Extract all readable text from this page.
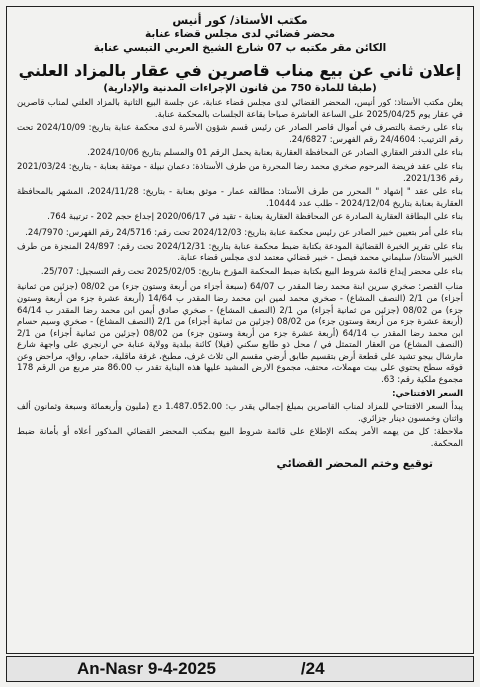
مكتب الأستاذ/ كور أنيس
محضر قضائي لدى مجلس قضاء عنابة
الكائن مقر مكتبه ب 07 شارع الشيخ العربي التبسي عنابة
إعلان ثاني عن بيع مناب قاصرين في عقار بالمزاد العلني
(طبقا للمادة 750 من قانون الإجراءات المدنية والإدارية)

يعلن مكتب الأستاذ: كور أنيس، المحضر القضائي لدى مجلس قضاء عنابة، عن جلسة البيع الثانية بالمزاد العلني لمناب قاصرين في عقار يوم 2025/04/25 على الساعة العاشرة صباحا بقاعة الجلسات بالمحكمة عنابة.

بناء على رخصة بالتصرف في أموال قاصر الصادر عن رئيس قسم شؤون الأسرة لدى محكمة عنابة بتاريخ: 2024/10/09 تحت رقم الترتيب: 24/4604 رقم الفهرس: 24/6827.

بناء على الدفتر العقاري الصادر عن المحافظة العقارية بعنابة يحمل الرقم 01 والمسلم بتاريخ 2024/10/06.

بناء على عقد فريضة المرحوم صخري محمد رضا المحررة من طرف الأستاذة: دعمان نبيلة - موثقة بعنابة - بتاريخ: 2021/03/24 رقم 2021/136.

بناء على عقد " إشهاد " المحرر من طرف الأستاذ: مطالقه عمار - موثق بعنابة - بتاريخ: 2024/11/28، المشهر بالمحافظة العقارية بعنابة بتاريخ 2024/12/04 - طلب عدد 10444.

بناء على البطاقة العقارية الصادرة عن المحافظة العقارية بعنابة - تقيد في 2020/06/17 إجداع حجم 202 - ترتيبة 764.

بناء على أمر بتعيين خبير الصادر عن رئيس محكمة عنابة بتاريخ: 2024/12/03 تحت رقم: 24/5716 رقم الفهرس: 24/7970.

بناء على تقرير الخبرة القضائية المودعة بكتابة ضبط محكمة عنابة بتاريخ: 2024/12/31 تحت رقم: 24/897 المنجزة من طرف الخبير الأستاذ/ سليماني محمد فيصل - خبير قضائي معتمد لدى مجلس قضاء عنابة.

بناء على محضر إيداع قائمة شروط البيع بكتابة ضبط المحكمة المؤرخ بتاريخ: 2025/02/05 تحت رقم التسجيل: 25/707.

مناب القصر: صخري سرين ابنة محمد رضا المقدر ب 64/07 (سبعة أجزاء من أربعة وستون جزء) من 08/02 (جزئين من ثمانية أجزاء) من 2/1 (النصف المشاع) - صخري محمد لمين ابن محمد رضا المقدر ب 14/64 (أربعة عشرة جزء من أربعة وستون جزء) من 08/02 (جزئين من ثمانية أجزاء) من 2/1 (النصف المشاع) - صخري صادق أيمن ابن محمد رضا المقدر ب 64/14 (أربعة عشرة جزء من أربعة وستون جزء) من 08/02 (جزئين من ثمانية أجزاء) من 2/1 (النصف المشاع) - صخري وسيم حسام ابن محمد رضا المقدر ب 64/14 (أربعة عشرة جزء من أربعة وستون جزء) من 08/02 (جزئين من ثمانية أجزاء) من 2/1 (النصف المشاع) من العقار المتمثل في / محل ذو طابع سكني (فيلا) كائنة ببلدية وولاية عنابة حي ارنجري على واجهة شارع مارشال بيجو تشيد على قطعة أرض بتقسيم طابق أرضي مقسم الى ثلاث غرف، مطبخ، غرفة ماقلية، حمام، رواق، مراحض وعن فوقه سطح يحتوي على بيت مهملات، محتف، مجموع الارض المشيد عليها هذه البناية تقدر ب 86.00 متر مربع من الرقم 178 مجموع ملكية رقم: 63.

السعر الافتتاحي:

يبدأ السعر الافتتاحي للمزاد لمناب القاصرين بمبلغ إجمالي يقدر ب: 1.487.052.00 دج (مليون وأربعمائة وسبعة وثمانون ألف واثنان وخمسون دينار جزائري.

ملاحظة: كل من يهمه الأمر يمكنه الإطلاع على قائمة شروط البيع بمكتب المحضر القضائي المذكور أعلاه أو بأمانة ضبط المحكمة.

توقيع وختم المحضر القضائي
An-Nasr 9-4-2025	/24
